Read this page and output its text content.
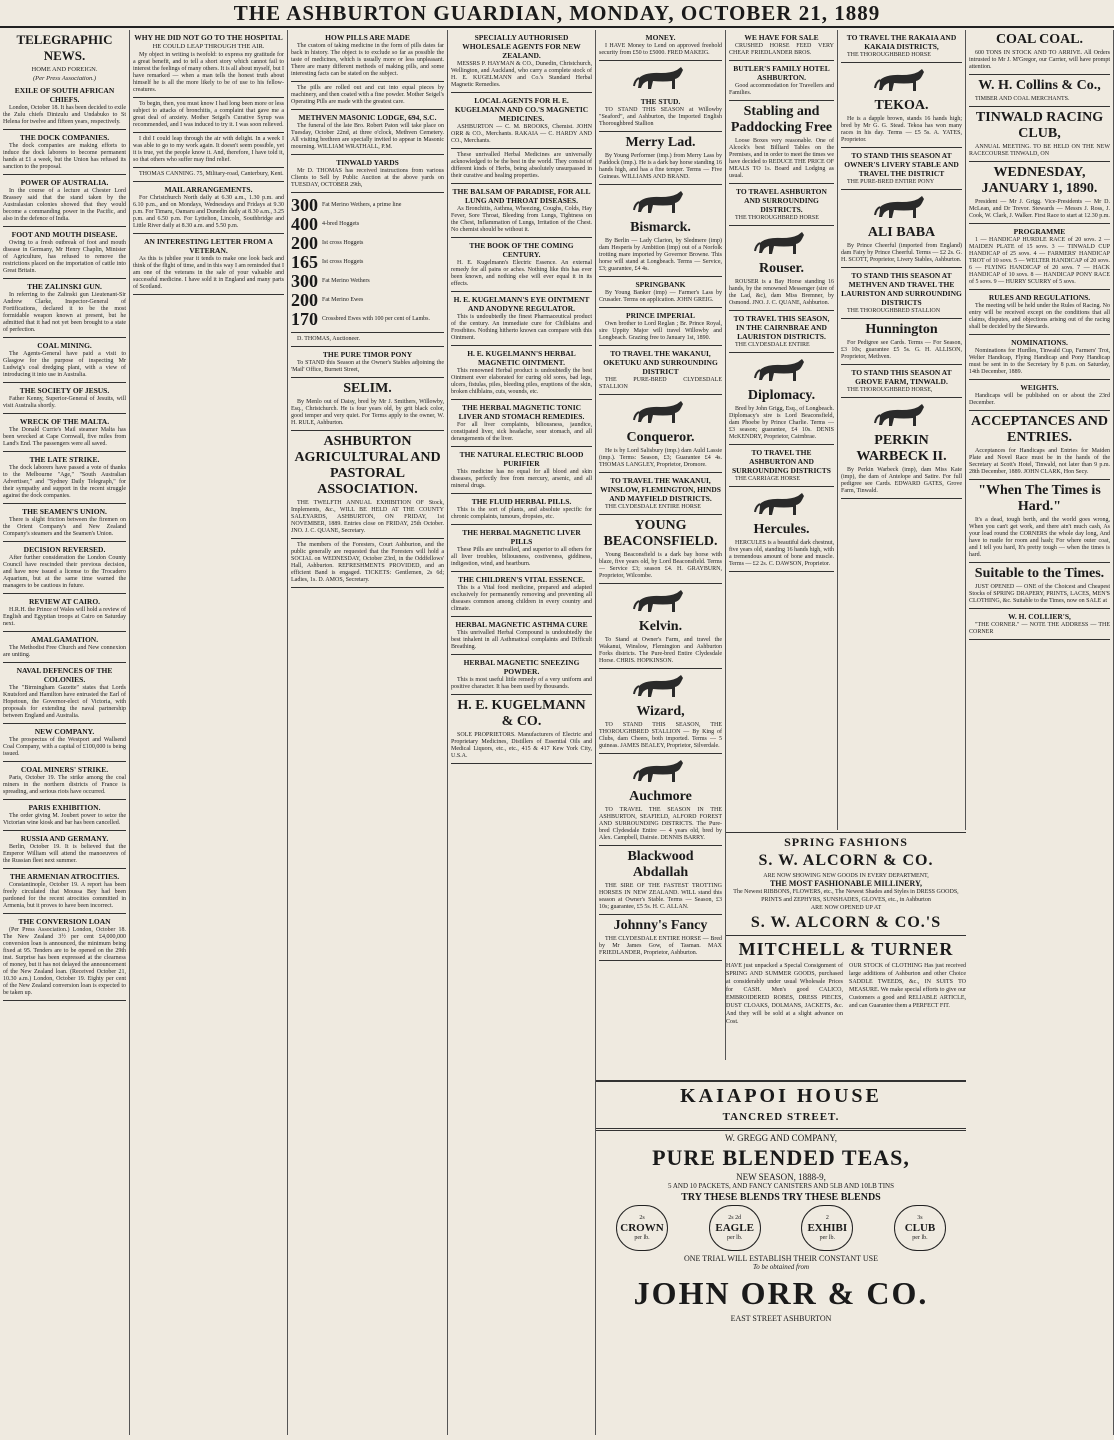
THE ASHBURTON GUARDIAN, MONDAY, OCTOBER 21, 1889
TELEGRAPHIC NEWS.
HOME AND FOREIGN.
(Per Press Association.)
EXILE OF SOUTH AFRICAN CHIEFS.

London, October 18. It has been decided to exile the Zulu chiefs Dinizulu and Undabuko to St Helena for twelve and fifteen years, respectively.

THE DOCK COMPANIES.

The dock companies are making efforts to induce the dock laborers to become permanent hands at £1 a week, but the Union has refused its sanction to the proposal.

POWER OF AUSTRALIA.

In the course of a lecture at Chester Lord Brassey said that the stand taken by the Australasian colonies showed that they would become a commanding power in the Pacific, and also in the defence of India.

FOOT AND MOUTH DISEASE.

Owing to a fresh outbreak of foot and mouth disease in Germany, Mr Henry Chaplin, Minister of Agriculture, has refused to remove the restrictions placed on the importation of cattle into Great Britain.

THE ZALINSKI GUN.

In referring to the Zalinski gun Lieutenant-Sir Andrew Clarke, Inspector-General of Fortifications, declared it to be the most formidable weapon known at present, but he admitted that it had not yet been brought to a state of perfection.

COAL MINING.

The Agents-General have paid a visit to Glasgow for the purpose of inspecting Mr Ludwig's coal dredging plant, with a view of introducing it into use in Australia.

THE SOCIETY OF JESUS.

Father Kenny, Superior-General of Jesuits, will visit Australia shortly.

WRECK OF THE MALTA.

The Donald Currie's Mail steamer Malta has been wrecked at Cape Cornwall, five miles from Land's End. The passengers were all saved.

THE LATE STRIKE.

The dock laborers have passed a vote of thanks to the Melbourne "Age," "South Australian Advertiser," and "Sydney Daily Telegraph," for their sympathy and support in the recent struggle against the dock companies.

THE SEAMEN'S UNION.

There is slight friction between the firemen on the Orient Company's and New Zealand Company's steamers and the Seamen's Union.

DECISION REVERSED.

After further consideration the London County Council have rescinded their previous decision, and have now issued a license to the Trocadero Aquarium, but at the same time warned the managers to be cautious in future.

REVIEW AT CAIRO.

H.R.H. the Prince of Wales will hold a review of English and Egyptian troops at Cairo on Saturday next.

AMALGAMATION.

The Methodist Free Church and New connexion are uniting.

NAVAL DEFENCES OF THE COLONIES.

The "Birmingham Gazette" states that Lords Knutsford and Hamilton have entrusted the Earl of Hopetoun, the Governor-elect of Victoria, with proposals for extending the naval partnership between England and Australia.

NEW COMPANY.

The prospectus of the Westport and Wallsend Coal Company, with a capital of £100,000 is being issued.

COAL MINERS' STRIKE.

Paris, October 19. The strike among the coal miners in the northern districts of France is spreading, and serious riots have occurred.

PARIS EXHIBITION.

The order giving M. Joubert power to seize the Victorian wine kiosk and bar has been cancelled.

RUSSIA AND GERMANY.

Berlin, October 19. It is believed that the Emperor William will attend the manoeuvres of the Russian fleet next summer.

THE ARMENIAN ATROCITIES.

Constantinople, October 19. A report has been freely circulated that Moussa Bey had been pardoned for the recent atrocities committed in Armenia, but it proves to have been incorrect.

THE CONVERSION LOAN

(Per Press Association.) London, October 18. The New Zealand 3½ per cent £4,000,000 conversion loan is announced, the minimum being fixed at 95. Tenders are to be opened on the 29th inst. Surprise has been expressed at the clearness of money, but it has not delayed the announcement of the New Zealand loan. (Received October 21, 10.30 a.m.) London, October 19. Eighty per cent of the New Zealand conversion loan is expected to be taken up.

WHY HE DID NOT GO TO THE HOSPITAL
HE COULD LEAP THROUGH THE AIR.

My object in writing is twofold: to express my gratitude for a great benefit, and to tell a short story which cannot fail to interest the feelings of many others. It is all about myself, but I have remarked — when a man tells the honest truth about himself he is all the more likely to be of use to his fellow-creatures.

To begin, then, you must know I had long been more or less subject to attacks of bronchitis, a complaint that gave me a great deal of anxiety. Mother Seigel's Curative Syrup was recommended, and I was induced to try it. I was soon relieved.

I did I could leap through the air with delight. In a week I was able to go to my work again. It doesn't seem possible, yet it is true, yet the people know it. And, therefore, I have told it, so that others who suffer may find relief.

THOMAS CANNING. 75, Military-road, Canterbury, Kent.

MAIL ARRANGEMENTS.

For Christchurch North daily at 6.30 a.m., 1.30 p.m. and 6.10 p.m., and on Mondays, Wednesdays and Fridays at 9.30 p.m. For Timaru, Oamaru and Dunedin daily at 8.30 a.m., 3.25 p.m. and 6.50 p.m. For Lyttelton, Lincoln, Southbridge and Little River daily at 8.30 a.m. and 5.50 p.m.

AN INTERESTING LETTER FROM A VETERAN.

As this is jubilee year it tends to make one look back and think of the flight of time, and in this way I am reminded that I am one of the veterans in the sale of your valuable and successful medicine. I have sold it in England and many parts of Scotland.

HOW PILLS ARE MADE

The custom of taking medicine in the form of pills dates far back in history. The object is to exclude so far as possible the taste of medicines, which is usually more or less unpleasant. There are many different methods of making pills, and some interesting facts can be stated on the subject.

The pills are rolled out and cut into equal pieces by machinery, and then coated with a fine powder. Mother Seigel's Operating Pills are made with the greatest care.

METHVEN MASONIC LODGE, 694, S.C.

The funeral of the late Bro. Robert Paton will take place on Tuesday, October 22nd, at three o'clock, Methven Cemetery. All visiting brethren are specially invited to appear in Masonic mourning. WILLIAM WRATHALL, P.M.

TINWALD YARDS

Mr D. THOMAS has received instructions from various Clients to Sell by Public Auction at the above yards on TUESDAY, OCTOBER 29th,

300 Fat Merino Wethers, a prime line
400 4-bred Hoggets
200 Ist cross Hoggets
165 Ist cross Hoggets
300 Fat Merino Wethers
200 Fat Merino Ewes
170 Crossbred Ewes with 100 per cent of Lambs.

D. THOMAS, Auctioneer.

THE PURE TIMOR PONY

To STAND this Season at the Owner's Stables adjoining the 'Mail' Office, Burnett Street,

SELIM.

By Menlo out of Daisy, bred by Mr J. Smithers, Willowby, Esq., Christchurch. He is four years old, by grit black color, good temper and very quiet. For Terms apply to the owner, W. H. RULE, Ashburton.

ASHBURTON AGRICULTURAL AND PASTORAL ASSOCIATION.

THE TWELFTH ANNUAL EXHIBITION OF Stock, Implements, &c., WILL BE HELD AT THE COUNTY SALEYARDS, ASHBURTON, ON FRIDAY, 1st NOVEMBER, 1889. Entries close on FRIDAY, 25th October. JNO. J. C. QUANE, Secretary.

The members of the Foresters, Court Ashburton, and the public generally are requested that the Foresters will hold a SOCIAL on WEDNESDAY, October 23rd, in the Oddfellows' Hall, Ashburton. REFRESHMENTS PROVIDED, and an efficient Band is engaged. TICKETS: Gentlemen, 2s 6d; Ladies, 1s. D. AMOS, Secretary.

SPECIALLY AUTHORISED WHOLESALE AGENTS FOR NEW ZEALAND.

MESSRS P. HAYMAN & CO., Dunedin, Christchurch, Wellington, and Auckland, who carry a complete stock of H. E. KUGELMANN and Co.'s Standard Herbal Magnetic Remedies.

LOCAL AGENTS FOR H. E. KUGELMANN AND CO.'S MAGNETIC MEDICINES.

ASHBURTON — C. M. BROOKS, Chemist. JOHN ORR & CO., Merchants. RAKAIA — C. HARDY AND CO., Merchants.

These unrivalled Herbal Medicines are universally acknowledged to be the best in the world. They consist of different kinds of Herbs, being absolutely unsurpassed in their curative and healing properties.

THE BALSAM OF PARADISE, FOR ALL LUNG AND THROAT DISEASES.

As Bronchitis, Asthma, Wheezing, Coughs, Colds, Hay Fever, Sore Throat, Bleeding from Lungs, Tightness on the Chest, Inflammation of Lungs, Irritation of the Chest. No chemist should be without it.

THE BOOK OF THE COMING CENTURY.

H. E. Kugelmann's Electric Essence. An external remedy for all pains or aches. Nothing like this has ever been known, and nothing else will ever equal it in its effects.

H. E. KUGELMANN'S EYE OINTMENT AND ANODYNE REGULATOR.

This is undoubtedly the finest Pharmaceutical product of the century. An immediate cure for Chilblains and Frostbites. Nothing hitherto known can compare with this Ointment.

H. E. KUGELMANN'S HERBAL MAGNETIC OINTMENT.

This renowned Herbal product is undoubtedly the best Ointment ever elaborated for curing old sores, bad legs, ulcers, fistulas, piles, bleeding piles, eruptions of the skin, broken chilblains, cuts, wounds, etc.

THE HERBAL MAGNETIC TONIC LIVER AND STOMACH REMEDIES.

For all liver complaints, biliousness, jaundice, constipated liver, sick headache, sour stomach, and all derangements of the liver.

THE NATURAL ELECTRIC BLOOD PURIFIER

This medicine has no equal for all blood and skin diseases, perfectly free from mercury, arsenic, and all mineral drugs.

THE FLUID HERBAL PILLS.

This is the sort of plants, and absolute specific for chronic complaints, tumours, dropsies, etc.

THE HERBAL MAGNETIC LIVER PILLS

These Pills are unrivalled, and superior to all others for all liver troubles, biliousness, costiveness, giddiness, indigestion, wind, and heartburn.

THE CHILDREN'S VITAL ESSENCE.

This is a Vital food medicine, prepared and adapted exclusively for permanently removing and preventing all diseases common among children in every country and climate.

HERBAL MAGNETIC ASTHMA CURE

This unrivalled Herbal Compound is undoubtedly the best inhalent in all Asthmatical complaints and Difficult Breathing.

HERBAL MAGNETIC SNEEZING POWDER.

This is most useful little remedy of a very uniform and positive character. It has been used by thousands.

H. E. KUGELMANN & CO.

SOLE PROPRIETORS. Manufacturers of Electric and Proprietary Medicines, Distillers of Essential Oils and Medical Liquors, etc., etc., 415 & 417 Kew York City, U.S.A.

MONEY.

I HAVE Money to Lend on approved freehold security from £50 to £5000. FRED MAKEIG.

THE STUD.

TO STAND THIS SEASON at Willowby "Seaford", and Ashburton, the Imported English Thoroughbred Stallion

Merry Lad.

By Young Performer (imp.) from Merry Lass by Paddock (imp.). He is a dark bay horse standing 16 hands high, and has a fine temper. Terms — Five Guineas. WILLIAMS AND BRAND.

Bismarck.

By Berlin — Lady Clarion, by Sledmere (imp) dam Hesperis by Ambition (imp) out of a Norfolk trotting mare imported by Governor Browne. This horse will stand at Longbeach. Terms — Service, £3; guarantee, £4 4s.

SPRINGBANK

By Young Banker (imp) — Farmer's Lass by Crusader. Terms on application. JOHN GREIG.

PRINCE IMPERIAL

Own brother to Lord Reglan ; Br. Prince Royal, sire Uppity Major will travel Willowby and Longbeach. Grazing free to January 1st, 1890.

TO TRAVEL THE WAKANUI, OKETUKU AND SURROUNDING DISTRICT

THE PURE-BRED CLYDESDALE STALLION

Conqueror.

He is by Lord Salisbury (imp.) dam Auld Lassie (imp.). Terms: Season, £3; Guarantee £4 4s. THOMAS LANGLEY, Proprietor, Dromore.

TO TRAVEL THE WAKANUI, WINSLOW, FLEMINGTON, HINDS AND MAYFIELD DISTRICTS.

THE CLYDESDALE ENTIRE HORSE

YOUNG BEACONSFIELD.

Young Beaconsfield is a dark bay horse with blaze, five years old, by Lord Beaconsfield. Terms — Service £3; season £4. H. GRAYBURN, Proprietor, Wilcombe.

Kelvin.

To Stand at Owner's Farm, and travel the Wakanui, Winslow, Flemington and Ashburton Forks districts. The Pure-bred Entire Clydesdale Horse. CHRIS. HOPKINSON.

Wizard,

TO STAND THIS SEASON, THE THOROUGHBRED STALLION — By King of Clubs, dam Cheers, both imported. Terms — 5 guineas. JAMES BEALEY, Proprietor, Silverdale.

Auchmore

TO TRAVEL THE SEASON IN THE ASHBURTON, SEAFIELD, ALFORD FOREST AND SURROUNDING DISTRICTS. The Pure-bred Clydesdale Entire — 4 years old, bred by Alex. Campbell, Dairsie. DENNIS BARRY.

Blackwood Abdallah

THE SIRE OF THE FASTEST TROTTING HORSES IN NEW ZEALAND. WILL stand this season at Owner's Stable. Terms — Season, £3 10s; guarantee, £5 5s. H. C. ALLAN.

Johnny's Fancy

THE CLYDESDALE ENTIRE HORSE — Bred by Mr James Gow, of Tasman. MAX FRIEDLANDER, Proprietor, Ashburton.

WE HAVE FOR SALE

CRUSHED HORSE FEED VERY CHEAP. FRIEDLANDER BROS.

BUTLER'S FAMILY HOTEL ASHBURTON.

Good accommodation for Travellers and Families.

Stabling and Paddocking Free

Loose Boxes very reasonable. One of Alcock's best Billiard Tables on the Premises, and in order to meet the times we have decided to REDUCE THE PRICE OF MEALS TO 1s. Board and Lodging as usual.

TO TRAVEL ASHBURTON AND SURROUNDING DISTRICTS.

THE THOROUGHBRED HORSE

Rouser.

ROUSER is a Bay Horse standing 16 hands, by the renowned Messenger (sire of the Lad, &c), dam Miss Bremner, by Osmond. JNO. J. C. QUANE, Ashburton.

TO TRAVEL THIS SEASON, IN THE CAIRNBRAE AND LAURISTON DISTRICTS.

THE CLYDESDALE ENTIRE

Diplomacy.

Bred by John Grigg, Esq., of Longbeach. Diplomacy's sire is Lord Beaconsfield, dam Phoebe by Prince Charlie. Terms — £3 season; guarantee, £4 10s. DENIS McKENDRY, Proprietor, Cairnbrae.

TO TRAVEL THE ASHBURTON AND SURROUNDING DISTRICTS

THE CARRIAGE HORSE

Hercules.

HERCULES is a beautiful dark chestnut, five years old, standing 16 hands high, with a tremendous amount of bone and muscle. Terms — £2 2s. C. DAWSON, Proprietor.

TO TRAVEL THE RAKAIA AND KAKAIA DISTRICTS,

THE THOROUGHBRED HORSE

TEKOA.

He is a dapple brown, stands 16 hands high; bred by Mr G. G. Stead. Tekoa has won many races in his day. Terms — £5 5s. A. YATES, Proprietor.

TO STAND THIS SEASON AT OWNER'S LIVERY STABLE AND TRAVEL THE DISTRICT

THE PURE-BRED ENTIRE PONY

ALI BABA

By Prince Cheerful (imported from England) dam Fairy by Prince Cheerful. Terms — £2 2s. G. H. SCOTT, Proprietor, Livery Stables, Ashburton.

TO STAND THIS SEASON AT METHVEN AND TRAVEL THE LAURISTON AND SURROUNDING DISTRICTS

THE THOROUGHBRED STALLION

Hunnington

For Pedigree see Cards. Terms — For Season, £3 10s; guarantee £5 5s. G. H. ALLISON, Proprietor, Methven.

TO STAND THIS SEASON AT GROVE FARM, TINWALD.

THE THOROUGHBRED HORSE,

PERKIN WARBECK II.

By Perkin Warbeck (imp), dam Miss Kate (imp), the dam of Antelope and Satire. For full pedigree see Cards. EDWARD GATES, Grove Farm, Tinwald.

COAL COAL.

600 TONS IN STOCK AND TO ARRIVE. All Orders intrusted to Mr J. M'Gregor, our Carrier, will have prompt attention.

W. H. Collins & Co.,

TIMBER AND COAL MERCHANTS.

TINWALD RACING CLUB,

ANNUAL MEETING. TO BE HELD ON THE NEW RACECOURSE TINWALD, ON

WEDNESDAY, JANUARY 1, 1890.

President — Mr J. Grigg. Vice-Presidents — Mr D. McLean, and Dr Trevor. Stewards — Messrs J. Ross, J. Cook, W. Clark, J. Walker. First Race to start at 12.30 p.m.

PROGRAMME

1 — HANDICAP HURDLE RACE of 20 sovs. 2 — MAIDEN PLATE of 15 sovs. 3 — TINWALD CUP HANDICAP of 25 sovs. 4 — FARMERS' HANDICAP TROT of 10 sovs. 5 — WELTER HANDICAP of 20 sovs. 6 — FLYING HANDICAP of 20 sovs. 7 — HACK HANDICAP of 10 sovs. 8 — HANDICAP PONY RACE of 5 sovs. 9 — HURRY SCURRY of 5 sovs.

RULES AND REGULATIONS.

The meeting will be held under the Rules of Racing. No entry will be received except on the conditions that all claims, disputes, and objections arising out of the racing shall be decided by the Stewards.

NOMINATIONS.

Nominations for Hurdles, Tinwald Cup, Farmers' Trot, Welter Handicap, Flying Handicap and Pony Handicap must be sent in to the Secretary by 8 p.m. on Saturday, 14th December, 1889.

WEIGHTS.

Handicaps will be published on or about the 23rd December.

ACCEPTANCES AND ENTRIES.

Acceptances for Handicaps and Entries for Maiden Plate and Novel Race must be in the hands of the Secretary at Scott's Hotel, Tinwald, not later than 9 p.m. 28th December, 1889. JOHN CLARK, Hon Secy.

"When The Times is Hard."

It's a dead, tough berth, and the world goes wrong, When you can't get work, and there ain't much cash, As your load round the CORNERS the whole day long, And have to rustle for room and hash; For where outer coat, and I tell you hard, It's pretty tough — when the times is hard.

Suitable to the Times.

JUST OPENED — ONE of the Choicest and Cheapest Stocks of SPRING DRAPERY, PRINTS, LACES, MEN'S CLOTHING, &c. Suitable to the Times, now on SALE at

W. H. COLLIER'S,

"THE CORNER." — NOTE THE ADDRESS — THE CORNER

SPRING FASHIONS
S. W. ALCORN & CO.
ARE NOW SHOWING NEW GOODS IN EVERY DEPARTMENT,
THE MOST FASHIONABLE MILLINERY,
The Newest RIBBONS, FLOWERS, etc., The Newest Shades and Styles in DRESS GOODS, PRINTS and ZEPHYRS, SUNSHADES, GLOVES, etc., in Ashburton
ARE NOW OPENED UP AT
S. W. ALCORN & CO.'S
MITCHELL & TURNER
HAVE just unpacked a Special Consignment of SPRING AND SUMMER GOODS, purchased at considerably under usual Wholesale Prices for CASH. Men's good CALICO, EMBROIDERED ROBES, DRESS PIECES, DUST CLOAKS, DOLMANS, JACKETS, &c. And they will be sold at a slight advance on Cost.
OUR STOCK of CLOTHING Has just received large additions of Ashburton and other Choice SADDLE TWEEDS, &c., IN SUITS TO MEASURE. We make special efforts to give our Customers a good and RELIABLE ARTICLE, and can Guarantee them a PERFECT FIT.
KAIAPOI HOUSE
TANCRED STREET.
W. GREGG AND COMPANY,
PURE BLENDED TEAS,
NEW SEASON, 1888-9,
5 AND 10 PACKETS, AND FANCY CANISTERS AND 5LB AND 10LB TINS
TRY THESE BLENDS TRY THESE BLENDS
2s
CROWN
per lb.
2s 2d
EAGLE
per lb.
2
EXHIBI
per lb.
3s
CLUB
per lb.
ONE TRIAL WILL ESTABLISH THEIR CONSTANT USE
To be obtained from
JOHN ORR & CO.
EAST STREET ASHBURTON
